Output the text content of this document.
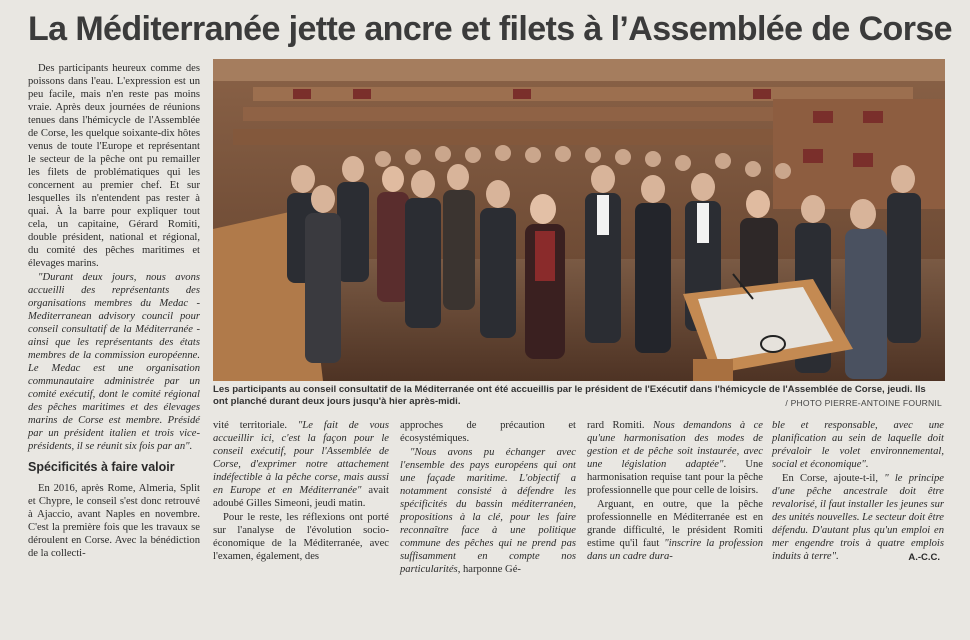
La Méditerranée jette ancre et filets à l’Assemblée de Corse

Des participants heureux comme des poissons dans l'eau. L'expression est un peu facile, mais n'en reste pas moins vraie. Après deux journées de réunions tenues dans l'hémicycle de l'Assemblée de Corse, les quelque soixante-dix hôtes venus de toute l'Europe et représentant le secteur de la pêche ont pu remailler les filets de problématiques qui les concernent au premier chef. Et sur lesquelles ils n'entendent pas rester à quai. À la barre pour expliquer tout cela, un capitaine, Gérard Romiti, double président, national et régional, du comité des pêches maritimes et élevages marins.

"Durant deux jours, nous avons accueilli des représentants des organisations membres du Medac - Mediterranean advisory council pour conseil consultatif de la Méditerranée - ainsi que les représentants des états membres de la commission européenne. Le Medac est une organisation communautaire administrée par un comité exécutif, dont le comité régional des pêches maritimes et des élevages marins de Corse est membre. Présidé par un président italien et trois vice-présidents, il se réunit six fois par an".

Spécificités à faire valoir

En 2016, après Rome, Almeria, Split et Chypre, le conseil s'est donc retrouvé à Ajaccio, avant Naples en novembre. C'est la première fois que les travaux se déroulent en Corse. Avec la bénédiction de la collecti-

Les participants au conseil consultatif de la Méditerranée ont été accueillis par le président de l'Exécutif dans l'hémicycle de l'Assemblée de Corse, jeudi. Ils ont planché durant deux jours jusqu'à hier après-midi.	/ PHOTO PIERRE-ANTOINE FOURNIL

vité territoriale. "Le fait de vous accueillir ici, c'est la façon pour le conseil exécutif, pour l'Assemblée de Corse, d'exprimer notre attachement indéfectible à la pêche corse, mais aussi en Europe et en Méditerranée" avait adoubé Gilles Simeoni, jeudi matin.

Pour le reste, les réflexions ont porté sur l'analyse de l'évolution socio-économique de la Méditerranée, avec l'examen, également, des

approches de précaution et écosystémiques.

"Nous avons pu échanger avec l'ensemble des pays européens qui ont une façade maritime. L'objectif a notamment consisté à défendre les spécificités du bassin méditerranéen, propositions à la clé, pour les faire reconnaître face à une politique commune des pêches qui ne prend pas suffisamment en compte nos particularités, harponne Gé-

rard Romiti. Nous demandons à ce qu'une harmonisation des modes de gestion et de pêche soit instaurée, avec une législation adaptée". Une harmonisation requise tant pour la pêche professionnelle que pour celle de loisirs.

Arguant, en outre, que la pêche professionnelle en Méditerranée est en grande difficulté, le président Romiti estime qu'il faut "inscrire la profession dans un cadre dura-

ble et responsable, avec une planification au sein de laquelle doit prévaloir le volet environnemental, social et économique".

En Corse, ajoute-t-il, " le principe d'une pêche ancestrale doit être revalorisé, il faut installer les jeunes sur des unités nouvelles. Le secteur doit être défendu. D'autant plus qu'un emploi en mer engendre trois à quatre emplois induits à terre".	A.-C.C.
